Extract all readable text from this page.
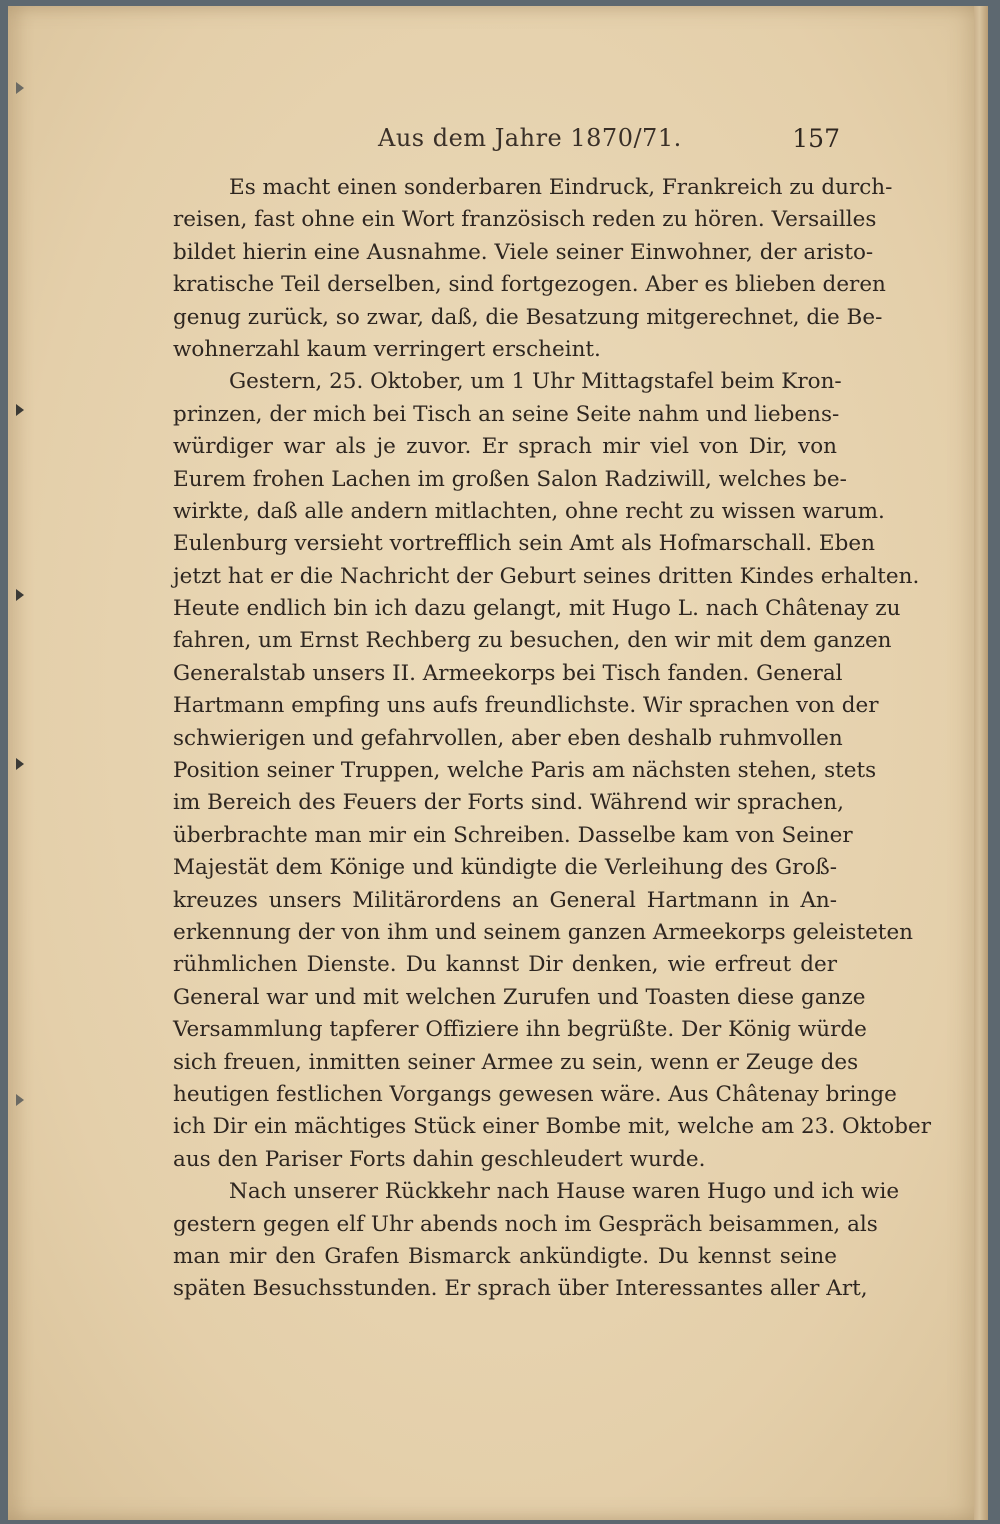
Aus dem Jahre 1870/71.	157
Es macht einen sonderbaren Eindruck, Frankreich zu durch-
reisen, fast ohne ein Wort französisch reden zu hören. Versailles
bildet hierin eine Ausnahme. Viele seiner Einwohner, der aristo-
kratische Teil derselben, sind fortgezogen. Aber es blieben deren
genug zurück, so zwar, daß, die Besatzung mitgerechnet, die Be-
wohnerzahl kaum verringert erscheint.
Gestern, 25. Oktober, um 1 Uhr Mittagstafel beim Kron-
prinzen, der mich bei Tisch an seine Seite nahm und liebens-
würdiger war als je zuvor. Er sprach mir viel von Dir, von
Eurem frohen Lachen im großen Salon Radziwill, welches be-
wirkte, daß alle andern mitlachten, ohne recht zu wissen warum.
Eulenburg versieht vortrefflich sein Amt als Hofmarschall. Eben
jetzt hat er die Nachricht der Geburt seines dritten Kindes erhalten.
Heute endlich bin ich dazu gelangt, mit Hugo L. nach Châtenay zu
fahren, um Ernst Rechberg zu besuchen, den wir mit dem ganzen
Generalstab unsers II. Armeekorps bei Tisch fanden. General
Hartmann empfing uns aufs freundlichste. Wir sprachen von der
schwierigen und gefahrvollen, aber eben deshalb ruhmvollen
Position seiner Truppen, welche Paris am nächsten stehen, stets
im Bereich des Feuers der Forts sind. Während wir sprachen,
überbrachte man mir ein Schreiben. Dasselbe kam von Seiner
Majestät dem Könige und kündigte die Verleihung des Groß-
kreuzes unsers Militärordens an General Hartmann in An-
erkennung der von ihm und seinem ganzen Armeekorps geleisteten
rühmlichen Dienste. Du kannst Dir denken, wie erfreut der
General war und mit welchen Zurufen und Toasten diese ganze
Versammlung tapferer Offiziere ihn begrüßte. Der König würde
sich freuen, inmitten seiner Armee zu sein, wenn er Zeuge des
heutigen festlichen Vorgangs gewesen wäre. Aus Châtenay bringe
ich Dir ein mächtiges Stück einer Bombe mit, welche am 23. Oktober
aus den Pariser Forts dahin geschleudert wurde.
Nach unserer Rückkehr nach Hause waren Hugo und ich wie
gestern gegen elf Uhr abends noch im Gespräch beisammen, als
man mir den Grafen Bismarck ankündigte. Du kennst seine
späten Besuchsstunden. Er sprach über Interessantes aller Art,
